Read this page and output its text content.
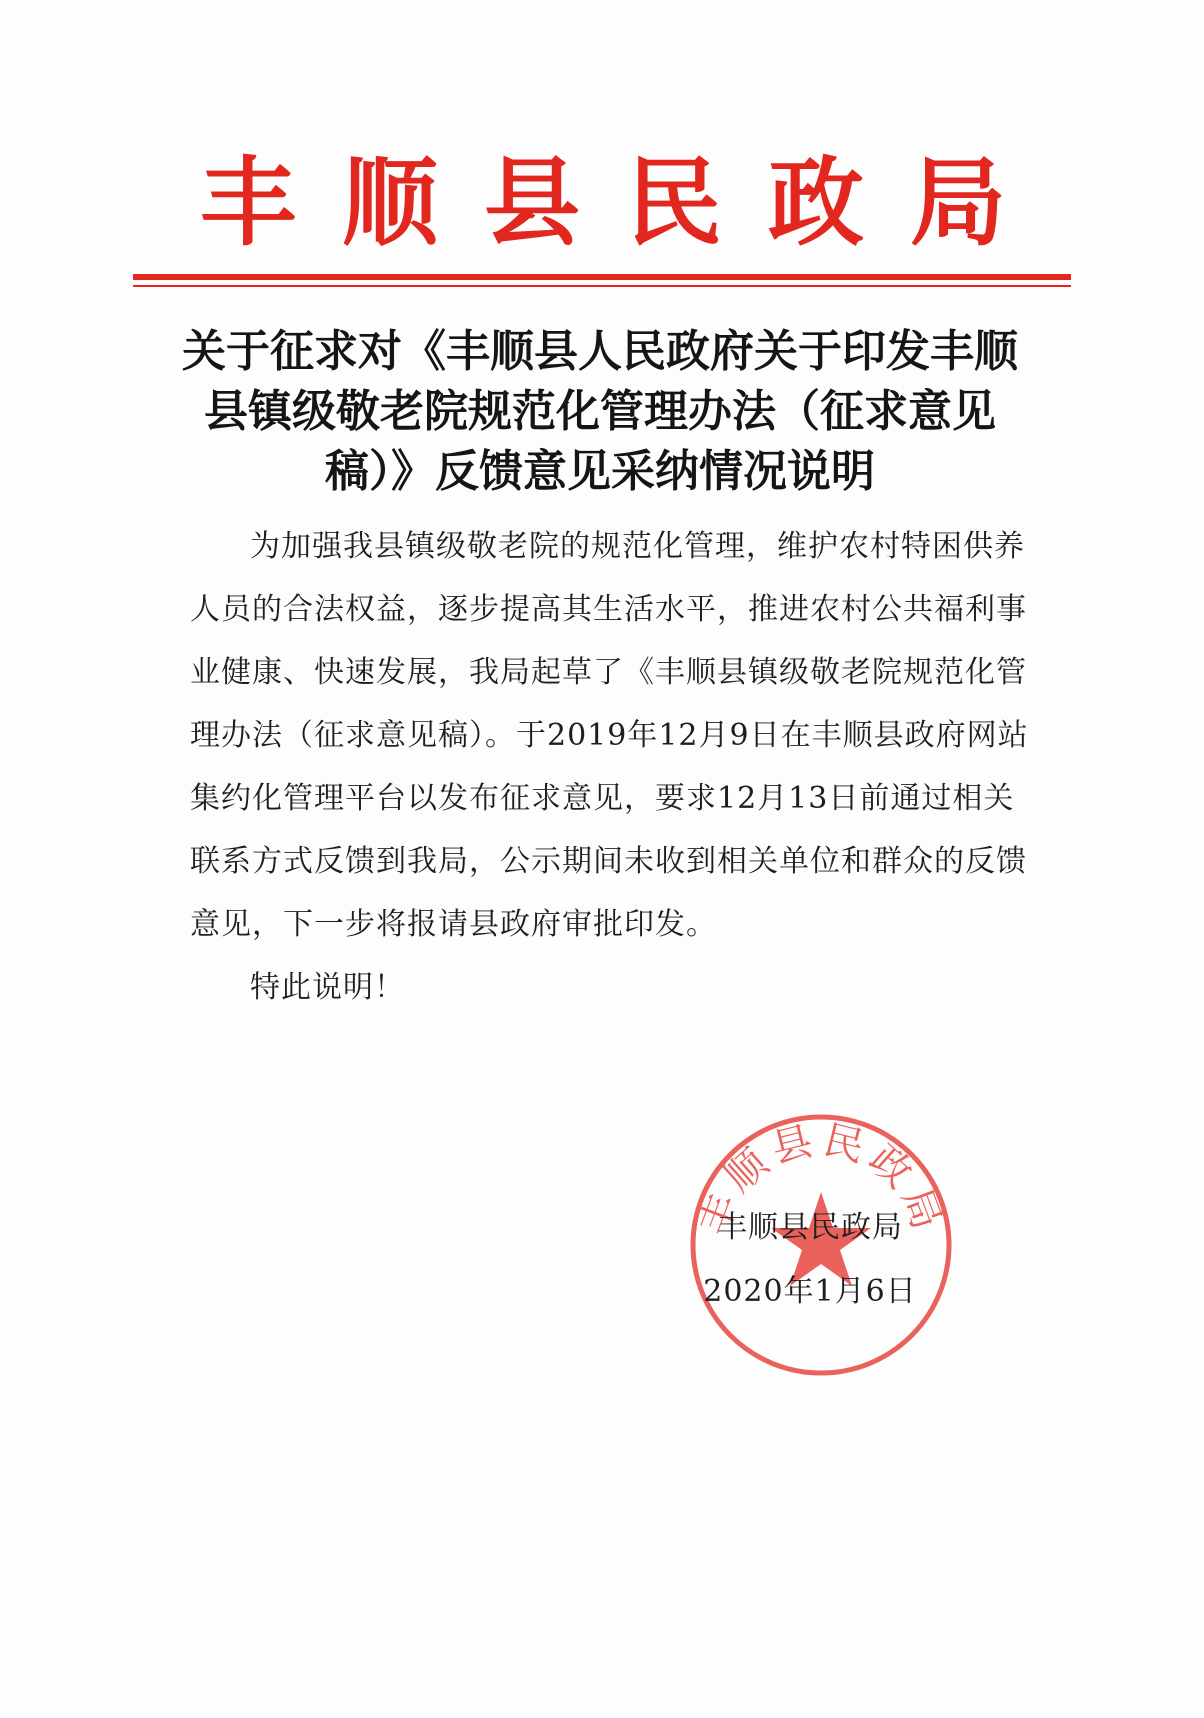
丰顺县民政局
关于征求对《丰顺县人民政府关于印发丰顺
县镇级敬老院规范化管理办法（征求意见
稿）》反馈意见采纳情况说明

为加强我县镇级敬老院的规范化管理，维护农村特困供养人员的合法权益，逐步提高其生活水平，推进农村公共福利事业健康、快速发展，我局起草了《丰顺县镇级敬老院规范化管理办法（征求意见稿）。于2019年12月9日在丰顺县政府网站集约化管理平台以发布征求意见，要求12月13日前通过相关联系方式反馈到我局，公示期间未收到相关单位和群众的反馈意见，下一步将报请县政府审批印发。

特此说明！

丰顺县民政局
丰顺县民政局
2020年1月6日
